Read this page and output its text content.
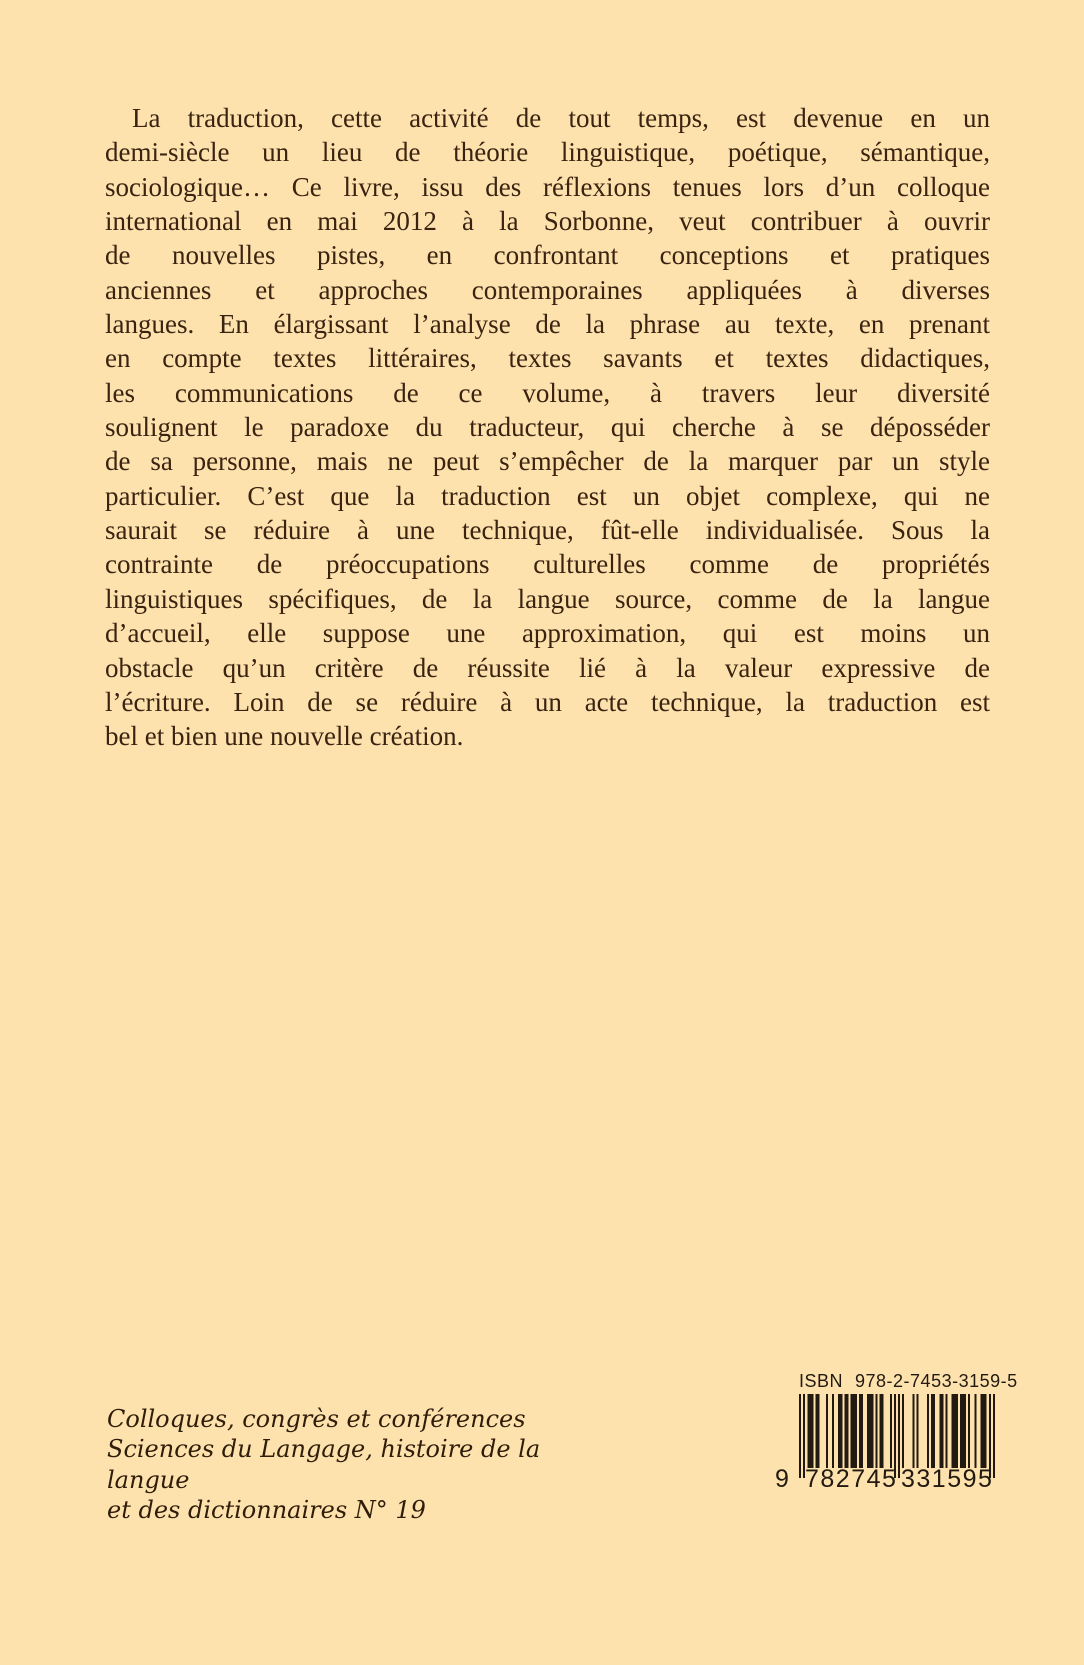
La traduction, cette activité de tout temps, est devenue en un
demi-siècle un lieu de théorie linguistique, poétique, sémantique,
sociologique… Ce livre, issu des réflexions tenues lors d’un colloque
international en mai 2012 à la Sorbonne, veut contribuer à ouvrir
de nouvelles pistes, en confrontant conceptions et pratiques
anciennes et approches contemporaines appliquées à diverses
langues. En élargissant l’analyse de la phrase au texte, en prenant
en compte textes littéraires, textes savants et textes didactiques,
les communications de ce volume, à travers leur diversité
soulignent le paradoxe du traducteur, qui cherche à se déposséder
de sa personne, mais ne peut s’empêcher de la marquer par un style
particulier. C’est que la traduction est un objet complexe, qui ne
saurait se réduire à une technique, fût-elle individualisée. Sous la
contrainte de préoccupations culturelles comme de propriétés
linguistiques spécifiques, de la langue source, comme de la langue
d’accueil, elle suppose une approximation, qui est moins un
obstacle qu’un critère de réussite lié à la valeur expressive de
l’écriture. Loin de se réduire à un acte technique, la traduction est
bel et bien une nouvelle création.
Colloques, congrès et conférences
Sciences du Langage, histoire de la langue
et des dictionnaires N° 19
ISBN 978-2-7453-3159-5
9 782745 331595
